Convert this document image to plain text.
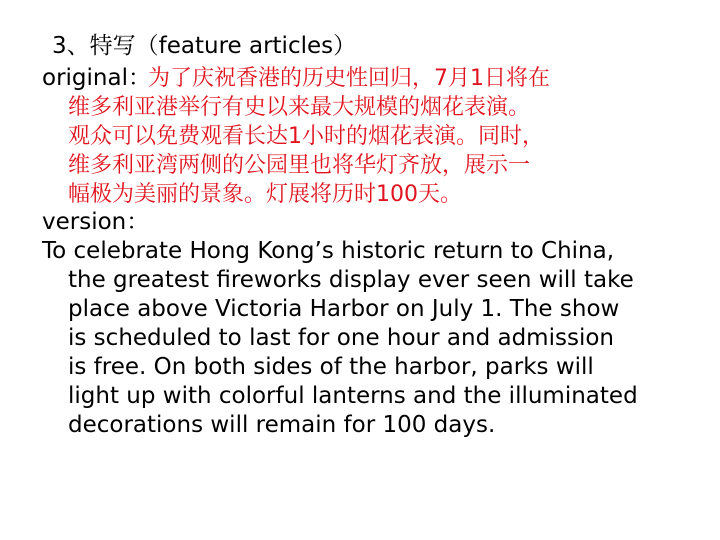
3、特写（feature articles）
original：
为了庆祝香港的历史性回归，7月1日将在
维多利亚港举行有史以来最大规模的烟花表演。
观众可以免费观看长达1小时的烟花表演。同时，
维多利亚湾两侧的公园里也将华灯齐放，展示一
幅极为美丽的景象。灯展将历时100天。
version：
To celebrate Hong Kong’s historic return to China,
the greatest fireworks display ever seen will take
place above Victoria Harbor on July 1. The show
is scheduled to last for one hour and admission
is free. On both sides of the harbor, parks will
light up with colorful lanterns and the illuminated
decorations will remain for 100 days.
